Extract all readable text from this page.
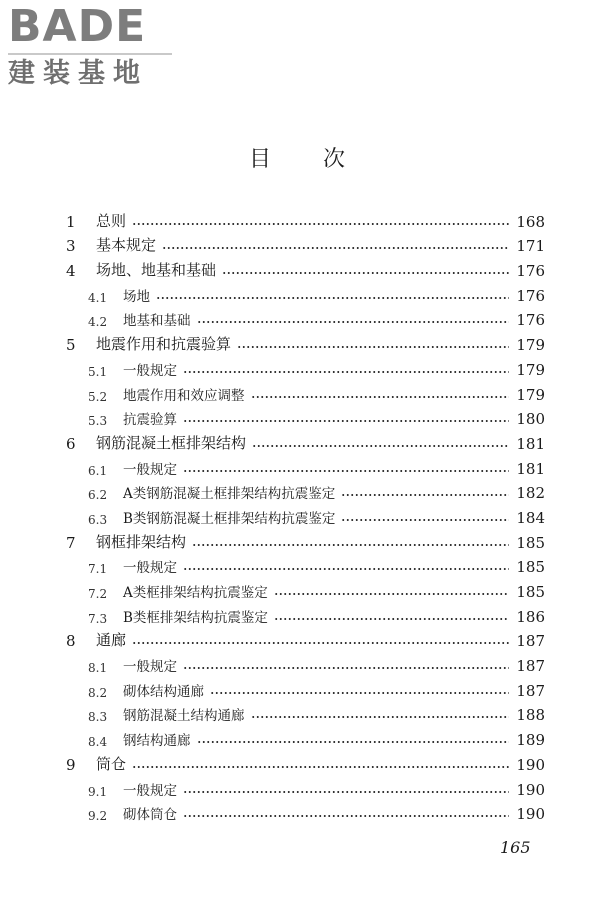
BADE
建装基地
目次
1	总则	168
3	基本规定	171
4	场地、地基和基础	176
4.1	场地	176
4.2	地基和基础	176
5	地震作用和抗震验算	179
5.1	一般规定	179
5.2	地震作用和效应调整	179
5.3	抗震验算	180
6	钢筋混凝土框排架结构	181
6.1	一般规定	181
6.2	A类钢筋混凝土框排架结构抗震鉴定	182
6.3	B类钢筋混凝土框排架结构抗震鉴定	184
7	钢框排架结构	185
7.1	一般规定	185
7.2	A类框排架结构抗震鉴定	185
7.3	B类框排架结构抗震鉴定	186
8	通廊	187
8.1	一般规定	187
8.2	砌体结构通廊	187
8.3	钢筋混凝土结构通廊	188
8.4	钢结构通廊	189
9	筒仓	190
9.1	一般规定	190
9.2	砌体筒仓	190
165
